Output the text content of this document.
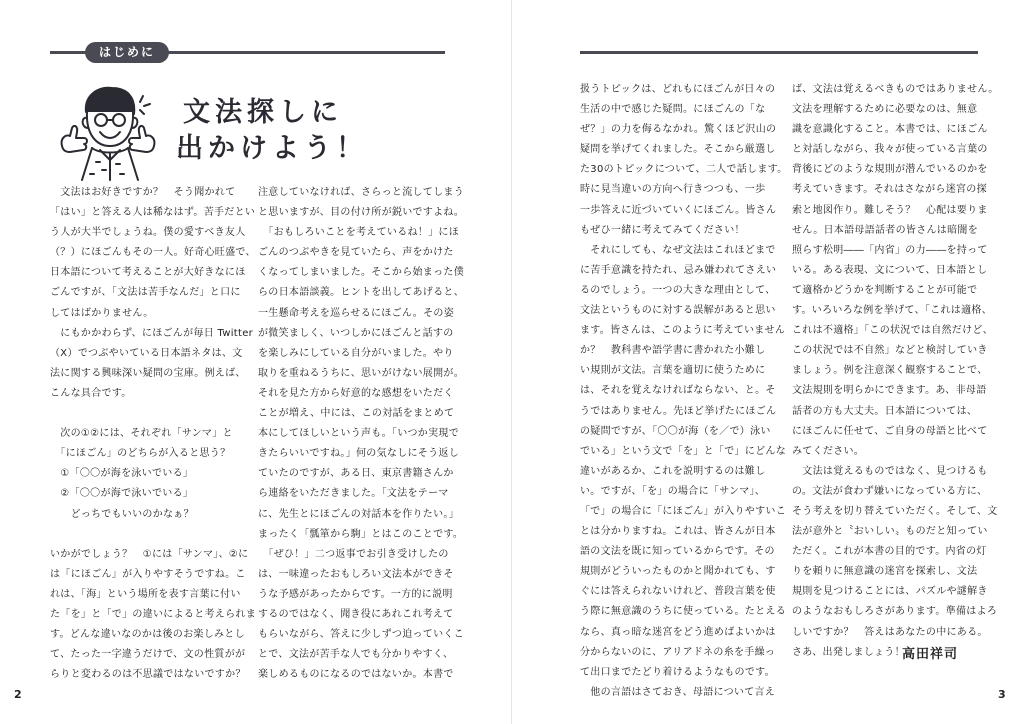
はじめに
文法探しに
出かけよう！

　文法はお好きですか？　そう聞かれて

「はい」と答える人は稀なはず。苦手だとい

う人が大半でしょうね。僕の愛すべき友人

（？）にほごんもその一人。好奇心旺盛で、

日本語について考えることが大好きなにほ

ごんですが、「文法は苦手なんだ」と口に

してはばかりません。

　にもかかわらず、にほごんが毎日 Twitter

（X）でつぶやいている日本語ネタは、文

法に関する興味深い疑問の宝庫。例えば、

こんな具合です。

　次の①②には、それぞれ「サンマ」と

　「にほごん」のどちらが入ると思う？

　①「〇〇が海を泳いでいる」

　②「〇〇が海で泳いでいる」

　　どっちでもいいのかなぁ？

いかがでしょう？　①には「サンマ」、②に

は「にほごん」が入りやすそうですね。こ

れは、「海」という場所を表す言葉に付い

た「を」と「で」の違いによると考えられま

す。どんな違いなのかは後のお楽しみとし

て、たった一字違うだけで、文の性質がが

らりと変わるのは不思議ではないですか？

注意していなければ、さらっと流してしまう

と思いますが、目の付け所が鋭いですよね。

　「おもしろいことを考えているね！」にほ

ごんのつぶやきを見ていたら、声をかけた

くなってしまいました。そこから始まった僕

らの日本語談義。ヒントを出してあげると、

一生懸命考えを巡らせるにほごん。その姿

が微笑ましく、いつしかにほごんと話すの

を楽しみにしている自分がいました。やり

取りを重ねるうちに、思いがけない展開が。

それを見た方から好意的な感想をいただく

ことが増え、中には、この対話をまとめて

本にしてほしいという声も。「いつか実現で

きたらいいですね。」何の気なしにそう返し

ていたのですが、ある日、東京書籍さんか

ら連絡をいただきました。「文法をテーマ

に、先生とにほごんの対話本を作りたい。」

まったく「瓢箪から駒」とはこのことです。

　「ぜひ！」二つ返事でお引き受けしたの

は、一味違ったおもしろい文法本ができそ

うな予感があったからです。一方的に説明

するのではなく、聞き役にあれこれ考えて

もらいながら、答えに少しずつ迫っていくこ

とで、文法が苦手な人でも分かりやすく、

楽しめるものになるのではないか。本書で

2

扱うトピックは、どれもにほごんが日々の

生活の中で感じた疑問。にほごんの「な

ぜ？」の力を侮るなかれ。驚くほど沢山の

疑問を挙げてくれました。そこから厳選し

た30のトピックについて、二人で話します。

時に見当違いの方向へ行きつつも、一歩

一歩答えに近づいていくにほごん。皆さん

もぜひ一緒に考えてみてください！

　それにしても、なぜ文法はこれほどまで

に苦手意識を持たれ、忌み嫌われてさえい

るのでしょう。一つの大きな理由として、

文法というものに対する誤解があると思い

ます。皆さんは、このように考えていません

か？　教科書や語学書に書かれた小難し

い規則が文法。言葉を適切に使うために

は、それを覚えなければならない、と。そ

うではありません。先ほど挙げたにほごん

の疑問ですが、「〇〇が海（を／で）泳い

でいる」という文で「を」と「で」にどんな

違いがあるか、これを説明するのは難し

い。ですが、「を」の場合に「サンマ」、

「で」の場合に「にほごん」が入りやすいこ

とは分かりますね。これは、皆さんが日本

語の文法を既に知っているからです。その

規則がどういったものかと聞かれても、す

ぐには答えられないけれど、普段言葉を使

う際に無意識のうちに使っている。たとえる

なら、真っ暗な迷宮をどう進めばよいかは

分からないのに、アリアドネの糸を手繰っ

て出口までたどり着けるようなものです。

　他の言語はさておき、母語について言え

ば、文法は覚えるべきものではありません。

文法を理解するために必要なのは、無意

識を意識化すること。本書では、にほごん

と対話しながら、我々が使っている言葉の

背後にどのような規則が潜んでいるのかを

考えていきます。それはさながら迷宮の探

索と地図作り。難しそう？　心配は要りま

せん。日本語母語話者の皆さんは暗闇を

照らす松明――「内省」の力――を持って

いる。ある表現、文について、日本語とし

て適格かどうかを判断することが可能で

す。いろいろな例を挙げて、「これは適格、

これは不適格」「この状況では自然だけど、

この状況では不自然」などと検討していき

ましょう。例を注意深く観察することで、

文法規則を明らかにできます。あ、非母語

話者の方も大丈夫。日本語については、

にほごんに任せて、ご自身の母語と比べて

みてください。

　文法は覚えるものではなく、見つけるも

の。文法が食わず嫌いになっている方に、

そう考えを切り替えていただく。そして、文

法が意外と〝おいしい〟ものだと知ってい

ただく。これが本書の目的です。内省の灯

りを頼りに無意識の迷宮を探索し、文法

規則を見つけることには、パズルや謎解き

のようなおもしろさがあります。準備はよろ

しいですか？　答えはあなたの中にある。

さあ、出発しましょう！

高田祥司
3
